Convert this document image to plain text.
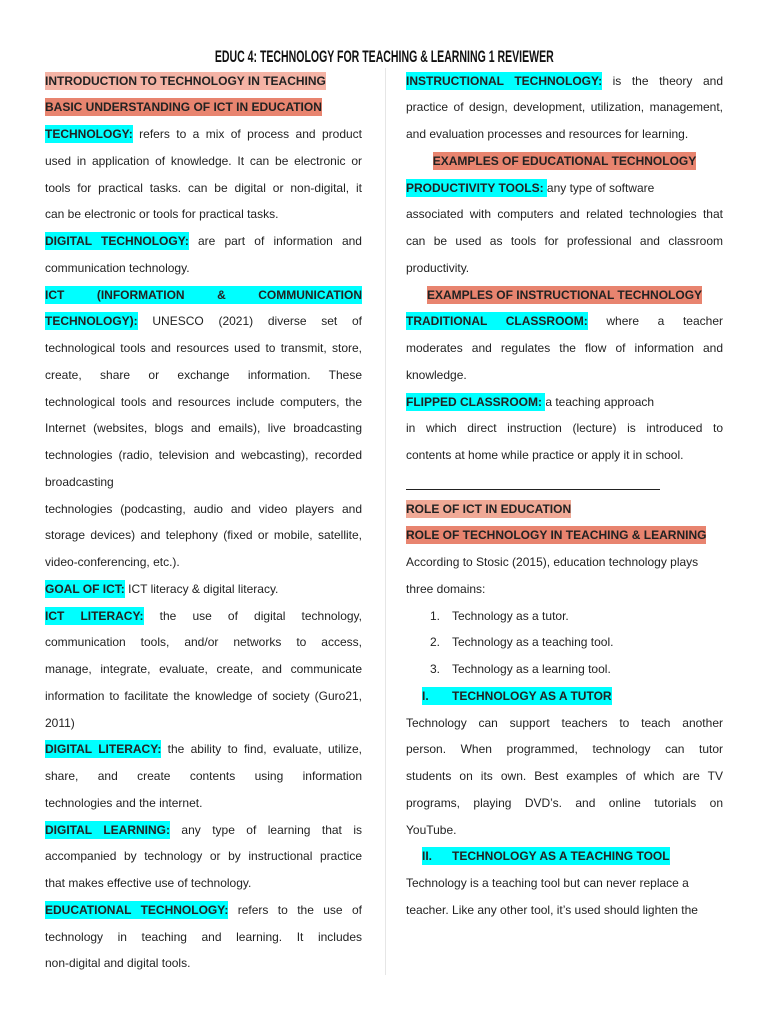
EDUC 4: TECHNOLOGY FOR TEACHING & LEARNING 1 REVIEWER
INTRODUCTION TO TECHNOLOGY IN TEACHING
BASIC UNDERSTANDING OF ICT IN EDUCATION
TECHNOLOGY: refers to a mix of process and product
used in application of knowledge. It can be electronic or
tools for practical tasks. can be digital or non-digital, it
can be electronic or tools for practical tasks.
DIGITAL TECHNOLOGY: are part of information and
communication technology.
ICT (INFORMATION & COMMUNICATION
TECHNOLOGY): UNESCO (2021) diverse set of
technological tools and resources used to transmit, store,
create, share or exchange information. These
technological tools and resources include computers, the
Internet (websites, blogs and emails), live broadcasting
technologies (radio, television and webcasting), recorded
broadcasting
technologies (podcasting, audio and video players and
storage devices) and telephony (fixed or mobile, satellite,
video-conferencing, etc.).
GOAL OF ICT: ICT literacy & digital literacy.
ICT LITERACY: the use of digital technology,
communication tools, and/or networks to access,
manage, integrate, evaluate, create, and communicate
information to facilitate the knowledge of society (Guro21,
2011)
DIGITAL LITERACY: the ability to find, evaluate, utilize,
share, and create contents using information
technologies and the internet.
DIGITAL LEARNING: any type of learning that is
accompanied by technology or by instructional practice
that makes effective use of technology.
EDUCATIONAL TECHNOLOGY: refers to the use of
technology in teaching and learning. It includes
non-digital and digital tools.
INSTRUCTIONAL TECHNOLOGY: is the theory and
practice of design, development, utilization, management,
and evaluation processes and resources for learning.
EXAMPLES OF EDUCATIONAL TECHNOLOGY
PRODUCTIVITY TOOLS: any type of software
associated with computers and related technologies that
can be used as tools for professional and classroom
productivity.
EXAMPLES OF INSTRUCTIONAL TECHNOLOGY
TRADITIONAL CLASSROOM: where a teacher
moderates and regulates the flow of information and
knowledge.
FLIPPED CLASSROOM: a teaching approach
in which direct instruction (lecture) is introduced to
contents at home while practice or apply it in school.
ROLE OF ICT IN EDUCATION
ROLE OF TECHNOLOGY IN TEACHING & LEARNING
According to Stosic (2015), education technology plays
three domains:
1. Technology as a tutor.
2. Technology as a teaching tool.
3. Technology as a learning tool.
I. TECHNOLOGY AS A TUTOR
Technology can support teachers to teach another
person. When programmed, technology can tutor
students on its own. Best examples of which are TV
programs, playing DVD’s. and online tutorials on
YouTube.
II. TECHNOLOGY AS A TEACHING TOOL
Technology is a teaching tool but can never replace a
teacher. Like any other tool, it’s used should lighten the
